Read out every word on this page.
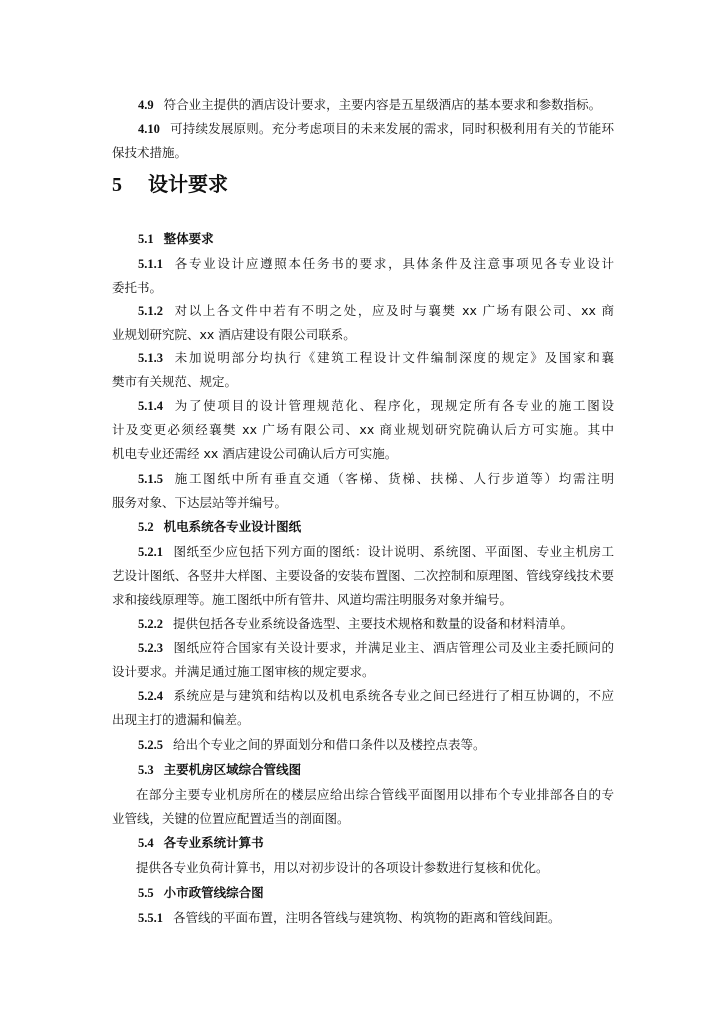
4.9 符合业主提供的酒店设计要求，主要内容是五星级酒店的基本要求和参数指标。
4.10 可持续发展原则。充分考虑项目的未来发展的需求，同时积极利用有关的节能环
保技术措施。
5 设计要求
5.1 整体要求
5.1.1 各专业设计应遵照本任务书的要求，具体条件及注意事项见各专业设计
委托书。
5.1.2 对以上各文件中若有不明之处，应及时与襄樊 xx 广场有限公司、xx 商
业规划研究院、xx 酒店建设有限公司联系。
5.1.3 未加说明部分均执行《建筑工程设计文件编制深度的规定》及国家和襄
樊市有关规范、规定。
5.1.4 为了使项目的设计管理规范化、程序化，现规定所有各专业的施工图设
计及变更必须经襄樊 xx 广场有限公司、xx 商业规划研究院确认后方可实施。其中
机电专业还需经 xx 酒店建设公司确认后方可实施。
5.1.5 施工图纸中所有垂直交通（客梯、货梯、扶梯、人行步道等）均需注明
服务对象、下达层站等并编号。
5.2 机电系统各专业设计图纸
5.2.1 图纸至少应包括下列方面的图纸：设计说明、系统图、平面图、专业主机房工
艺设计图纸、各竖井大样图、主要设备的安装布置图、二次控制和原理图、管线穿线技术要
求和接线原理等。施工图纸中所有管井、风道均需注明服务对象并编号。
5.2.2 提供包括各专业系统设备选型、主要技术规格和数量的设备和材料清单。
5.2.3 图纸应符合国家有关设计要求，并满足业主、酒店管理公司及业主委托顾问的
设计要求。并满足通过施工图审核的规定要求。
5.2.4 系统应是与建筑和结构以及机电系统各专业之间已经进行了相互协调的，不应
出现主打的遗漏和偏差。
5.2.5 给出个专业之间的界面划分和借口条件以及楼控点表等。
5.3 主要机房区域综合管线图
在部分主要专业机房所在的楼层应给出综合管线平面图用以排布个专业排部各自的专
业管线，关键的位置应配置适当的剖面图。
5.4 各专业系统计算书
提供各专业负荷计算书，用以对初步设计的各项设计参数进行复核和优化。
5.5 小市政管线综合图
5.5.1 各管线的平面布置，注明各管线与建筑物、构筑物的距离和管线间距。
